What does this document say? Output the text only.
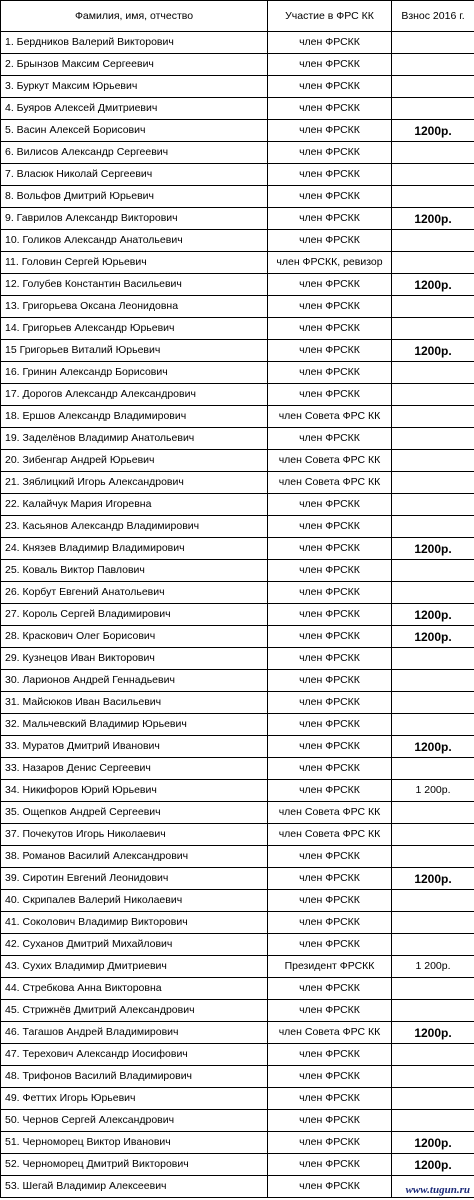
Фамилия, имя, отчество	Участие в ФРС КК	Взнос 2016 г.
1. Бердников Валерий Викторович	член ФРСКК	
2. Брынзов Максим Сергеевич	член ФРСКК	
3. Буркут Максим Юрьевич	член ФРСКК	
4. Буяров Алексей Дмитриевич	член ФРСКК	
5. Васин Алексей Борисович	член ФРСКК	1200р.
6. Вилисов Александр Сергеевич	член ФРСКК	
7. Власюк Николай Сергеевич	член ФРСКК	
8. Вольфов Дмитрий Юрьевич	член ФРСКК	
9. Гаврилов Александр Викторович	член ФРСКК	1200р.
10. Голиков Александр Анатольевич	член ФРСКК	
11. Головин Сергей Юрьевич	член ФРСКК, ревизор	
12. Голубев Константин Васильевич	член ФРСКК	1200р.
13. Григорьева Оксана Леонидовна	член ФРСКК	
14. Григорьев Александр Юрьевич	член ФРСКК	
15 Григорьев Виталий Юрьевич	член ФРСКК	1200р.
16. Гринин Александр Борисович	член ФРСКК	
17. Дорогов Александр Александрович	член ФРСКК	
18. Ершов Александр Владимирович	член Совета ФРС КК	
19. Заделёнов Владимир Анатольевич	член ФРСКК	
20. Зибенгар Андрей Юрьевич	член Совета ФРС КК	
21. Зяблицкий Игорь Александрович	член Совета ФРС КК	
22. Калайчук Мария Игоревна	член ФРСКК	
23. Касьянов Александр Владимирович	член ФРСКК	
24. Князев Владимир Владимирович	член ФРСКК	1200р.
25. Коваль Виктор Павлович	член ФРСКК	
26. Корбут Евгений Анатольевич	член ФРСКК	
27. Король Сергей Владимирович	член ФРСКК	1200р.
28. Краскович Олег Борисович	член ФРСКК	1200р.
29. Кузнецов Иван Викторович	член ФРСКК	
30. Ларионов Андрей Геннадьевич	член ФРСКК	
31. Майсюков Иван Васильевич	член ФРСКК	
32. Мальчевский Владимир Юрьевич	член ФРСКК	
33. Муратов Дмитрий Иванович	член ФРСКК	1200р.
33. Назаров Денис Сергеевич	член ФРСКК	
34. Никифоров Юрий Юрьевич	член ФРСКК	1 200р.
35. Ощепков Андрей Сергеевич	член Совета ФРС КК	
37. Почекутов Игорь Николаевич	член Совета ФРС КК	
38. Романов Василий Александрович	член ФРСКК	
39. Сиротин Евгений Леонидович	член ФРСКК	1200р.
40. Скрипалев Валерий Николаевич	член ФРСКК	
41. Соколович Владимир Викторович	член ФРСКК	
42. Суханов Дмитрий Михайлович	член ФРСКК	
43. Сухих Владимир Дмитриевич	Президент ФРСКК	1 200р.
44. Стребкова Анна Викторовна	член ФРСКК	
45. Стрижнёв Дмитрий Александрович	член ФРСКК	
46. Тагашов Андрей Владимирович	член Совета ФРС КК	1200р.
47. Терехович Александр Иосифович	член ФРСКК	
48. Трифонов Василий Владимирович	член ФРСКК	
49. Феттих Игорь Юрьевич	член ФРСКК	
50. Чернов Сергей Александрович	член ФРСКК	
51. Черноморец Виктор Иванович	член ФРСКК	1200р.
52. Черноморец Дмитрий Викторович	член ФРСКК	1200р.
53. Шегай Владимир Алексеевич	член ФРСКК		www.tugun.ru
